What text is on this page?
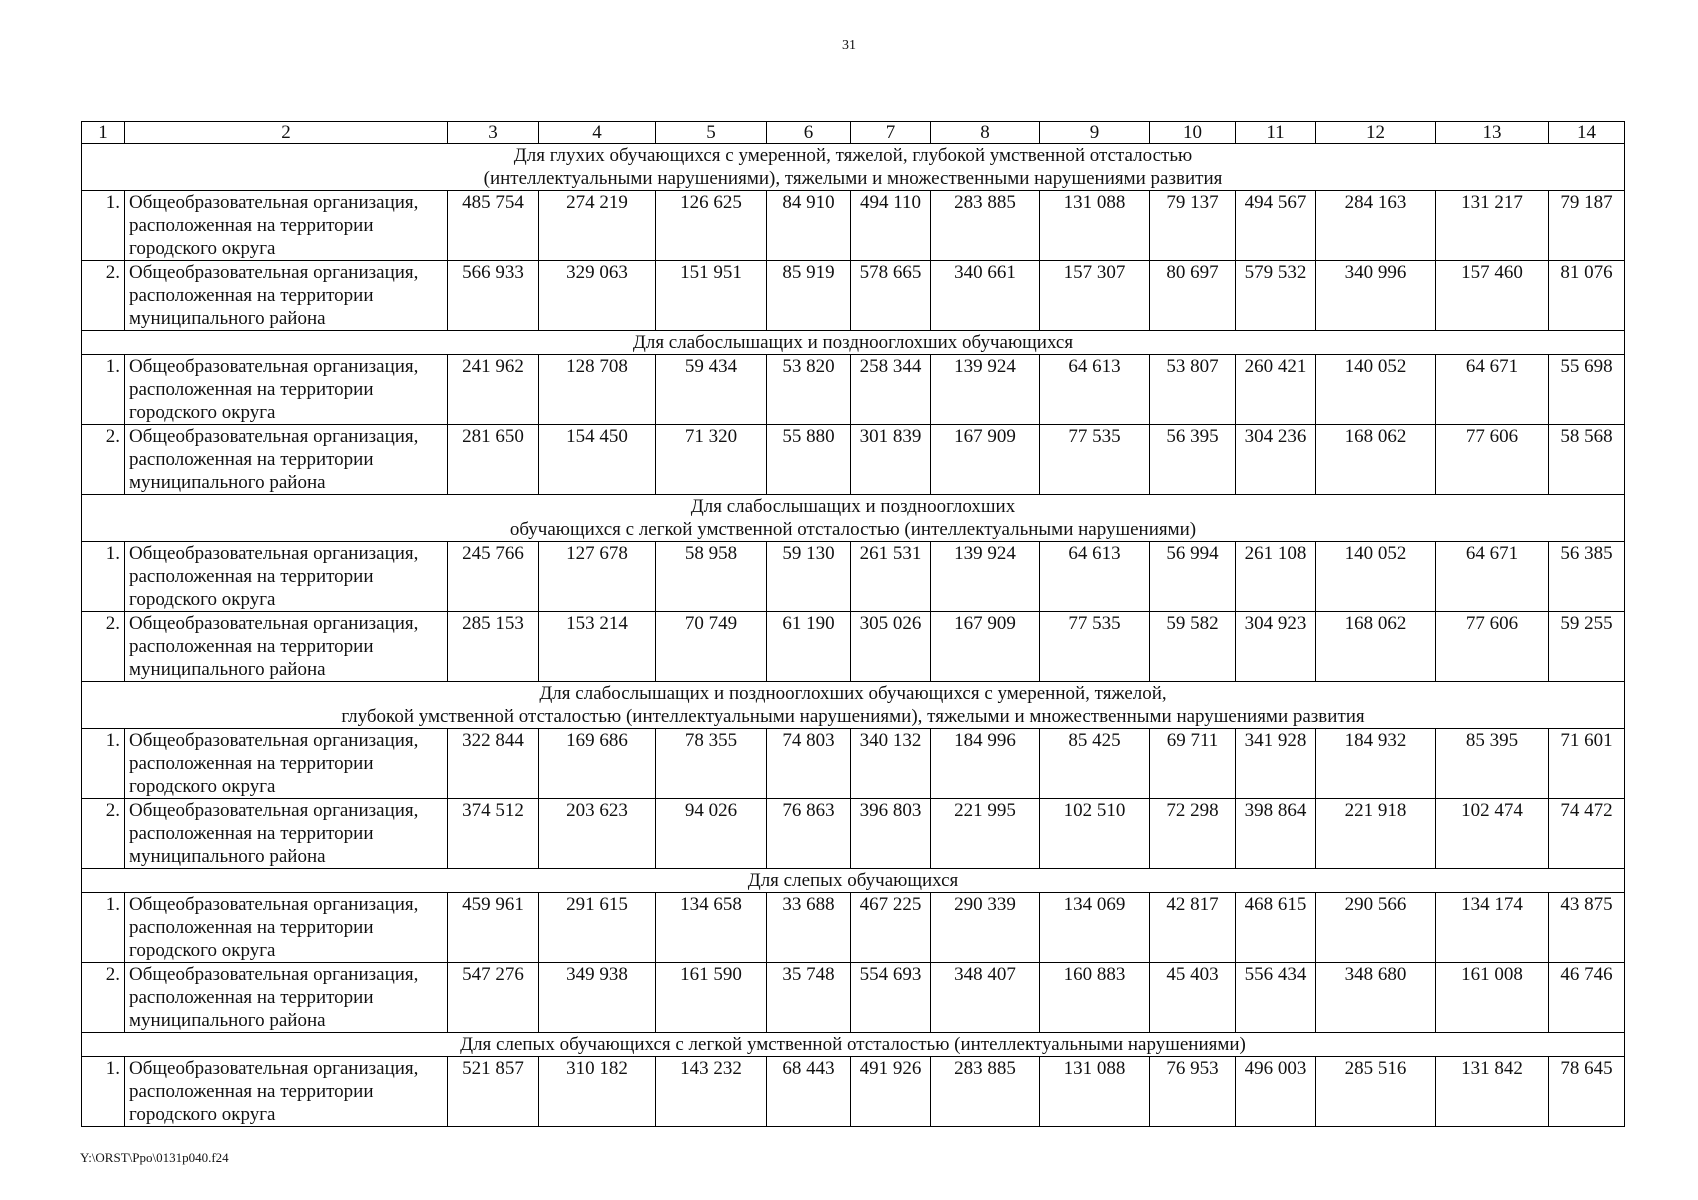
31
1	2	3	4	5	6	7	8	9	10	11	12	13	14

Для глухих обучающихся с умеренной, тяжелой, глубокой умственной отсталостью
(интеллектуальными нарушениями), тяжелыми и множественными нарушениями развития													

1.	Общеобразовательная организация, расположенная на территории городского округа	485 754	274 219	126 625	84 910	494 110	283 885	131 088	79 137	494 567	284 163	131 217	79 187
2.	Общеобразовательная организация, расположенная на территории муниципального района	566 933	329 063	151 951	85 919	578 665	340 661	157 307	80 697	579 532	340 996	157 460	81 076

Для слабослышащих и позднооглохших обучающихся													

1.	Общеобразовательная организация, расположенная на территории городского округа	241 962	128 708	59 434	53 820	258 344	139 924	64 613	53 807	260 421	140 052	64 671	55 698
2.	Общеобразовательная организация, расположенная на территории муниципального района	281 650	154 450	71 320	55 880	301 839	167 909	77 535	56 395	304 236	168 062	77 606	58 568

Для слабослышащих и позднооглохших
обучающихся с легкой умственной отсталостью (интеллектуальными нарушениями)													

1.	Общеобразовательная организация, расположенная на территории городского округа	245 766	127 678	58 958	59 130	261 531	139 924	64 613	56 994	261 108	140 052	64 671	56 385
2.	Общеобразовательная организация, расположенная на территории муниципального района	285 153	153 214	70 749	61 190	305 026	167 909	77 535	59 582	304 923	168 062	77 606	59 255

Для слабослышащих и позднооглохших обучающихся с умеренной, тяжелой,
глубокой умственной отсталостью (интеллектуальными нарушениями), тяжелыми и множественными нарушениями развития													

1.	Общеобразовательная организация, расположенная на территории городского округа	322 844	169 686	78 355	74 803	340 132	184 996	85 425	69 711	341 928	184 932	85 395	71 601
2.	Общеобразовательная организация, расположенная на территории муниципального района	374 512	203 623	94 026	76 863	396 803	221 995	102 510	72 298	398 864	221 918	102 474	74 472

Для слепых обучающихся													

1.	Общеобразовательная организация, расположенная на территории городского округа	459 961	291 615	134 658	33 688	467 225	290 339	134 069	42 817	468 615	290 566	134 174	43 875
2.	Общеобразовательная организация, расположенная на территории муниципального района	547 276	349 938	161 590	35 748	554 693	348 407	160 883	45 403	556 434	348 680	161 008	46 746

Для слепых обучающихся с легкой умственной отсталостью (интеллектуальными нарушениями)													

1.	Общеобразовательная организация, расположенная на территории городского округа	521 857	310 182	143 232	68 443	491 926	283 885	131 088	76 953	496 003	285 516	131 842	78 645
Y:\ORST\Ppo\0131p040.f24
